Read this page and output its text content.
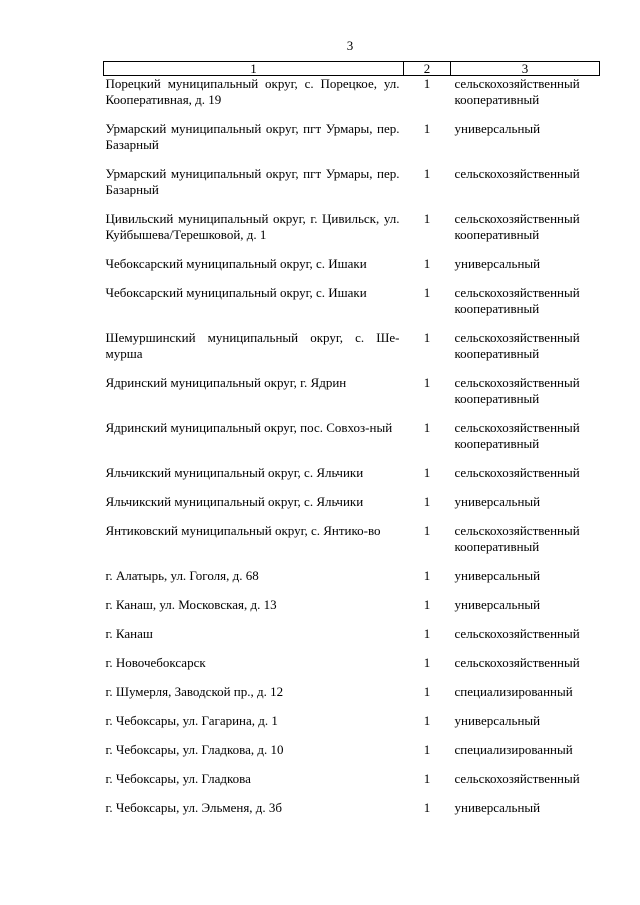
3
1	2	3
Порецкий муниципальный округ, с. Порецкое, ул. Кооперативная, д. 19	1	сельскохозяйственный кооперативный
Урмарский муниципальный округ, пгт Урмары, пер. Базарный	1	универсальный
Урмарский муниципальный округ, пгт Урмары, пер. Базарный	1	сельскохозяйственный
Цивильский муниципальный округ, г. Цивильск, ул. Куйбышева/Терешковой, д. 1	1	сельскохозяйственный кооперативный
Чебоксарский муниципальный округ, с. Ишаки	1	универсальный
Чебоксарский муниципальный округ, с. Ишаки	1	сельскохозяйственный кооперативный
Шемуршинский муниципальный округ, с. Ше-мурша	1	сельскохозяйственный кооперативный
Ядринский муниципальный округ, г. Ядрин	1	сельскохозяйственный кооперативный
Ядринский муниципальный округ, пос. Совхоз-ный	1	сельскохозяйственный кооперативный
Яльчикский муниципальный округ, с. Яльчики	1	сельскохозяйственный
Яльчикский муниципальный округ, с. Яльчики	1	универсальный
Янтиковский муниципальный округ, с. Янтико-во	1	сельскохозяйственный кооперативный
г. Алатырь, ул. Гоголя, д. 68	1	универсальный
г. Канаш, ул. Московская, д. 13	1	универсальный
г. Канаш	1	сельскохозяйственный
г. Новочебоксарск	1	сельскохозяйственный
г. Шумерля, Заводской пр., д. 12	1	специализированный
г. Чебоксары, ул. Гагарина, д. 1	1	универсальный
г. Чебоксары, ул. Гладкова, д. 10	1	специализированный
г. Чебоксары, ул. Гладкова	1	сельскохозяйственный
г. Чебоксары, ул. Эльменя, д. 3б	1	универсальный
